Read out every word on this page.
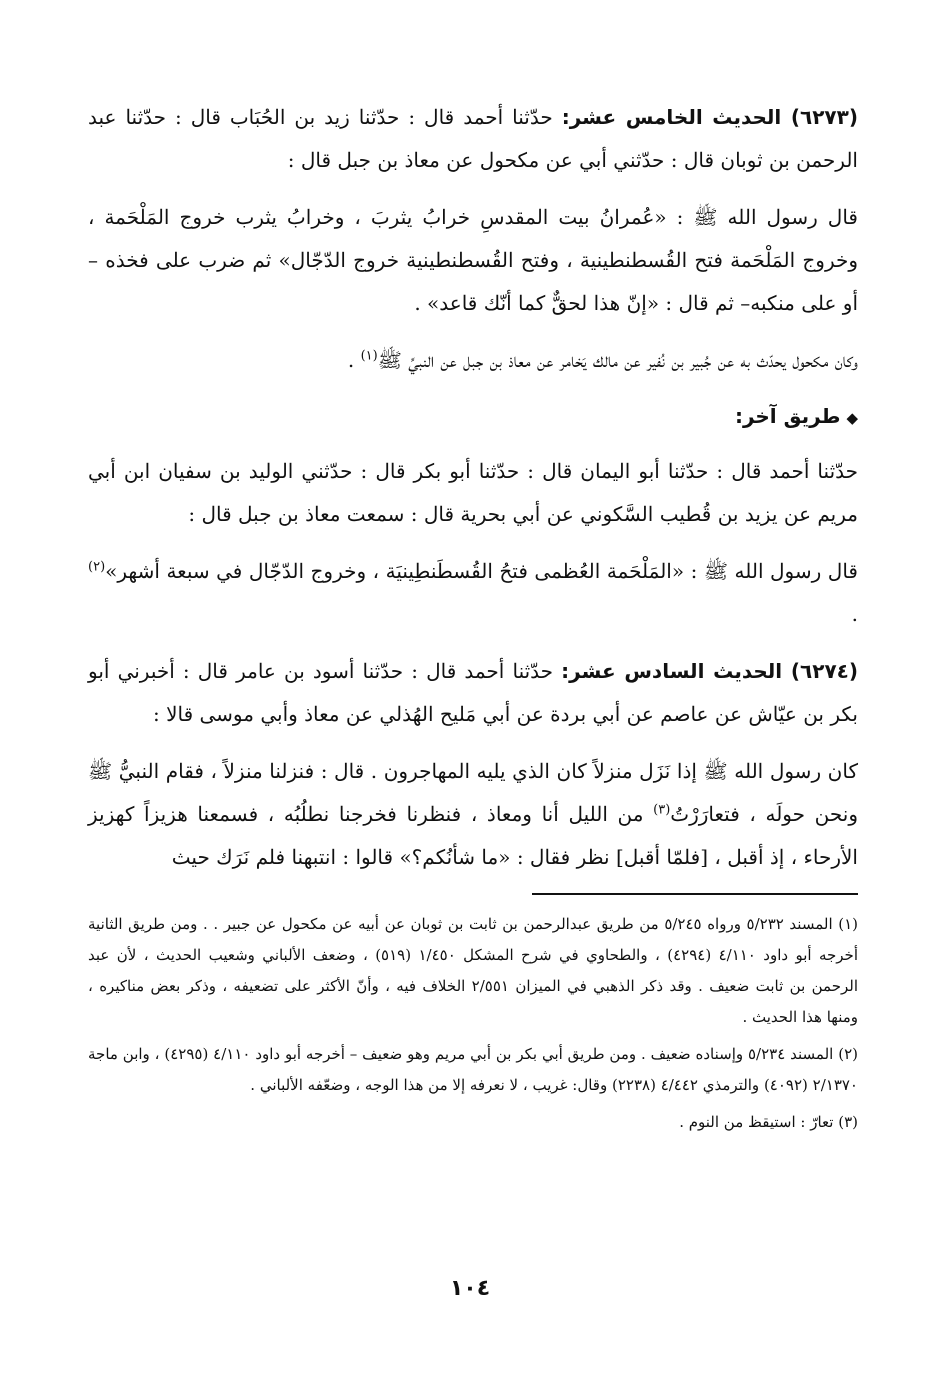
(٦٢٧٣) الحديث الخامس عشر: حدّثنا أحمد قال : حدّثنا زيد بن الحُبَاب قال : حدّثنا عبد الرحمن بن ثوبان قال : حدّثني أبي عن مكحول عن معاذ بن جبل قال :

قال رسول الله ﷺ : «عُمرانُ بيت المقدسِ خرابُ يثربَ ، وخرابُ يثرب خروج المَلْحَمة ، وخروج المَلْحَمة فتح القُسطنطينية ، وفتح القُسطنطينية خروج الدّجّال» ثم ضرب على فخذه – أو على منكبه– ثم قال : «إنّ هذا لحقٌّ كما أنّك قاعد» .

وكان مكحول يحدّث به عن جُبير بن نُفير عن مالك يَخامر عن معاذ بن جبل عن النبيِّ ﷺ$^{(١)}$ .

◆طريق آخر:

حدّثنا أحمد قال : حدّثنا أبو اليمان قال : حدّثنا أبو بكر قال : حدّثني الوليد بن سفيان ابن أبي مريم عن يزيد بن قُطيب السَّكوني عن أبي بحرية قال : سمعت معاذ بن جبل قال :

قال رسول الله ﷺ : «المَلْحَمة العُظمى فتحُ القُسطَنطِينيَة ، وخروج الدّجّال في سبعة أشهر»$^{(٢)}$ .

(٦٢٧٤) الحديث السادس عشر: حدّثنا أحمد قال : حدّثنا أسود بن عامر قال : أخبرني أبو بكر بن عيّاش عن عاصم عن أبي بردة عن أبي مَليح الهُذلي عن معاذ وأبي موسى قالا :

كان رسول الله ﷺ إذا نَزَل منزلاً كان الذي يليه المهاجرون . قال : فنزلنا منزلاً ، فقام النبيُّ ﷺ ونحن حولَه ، فتعارَرْتُ$^{(٣)}$ من الليل أنا ومعاذ ، فنظرنا فخرجنا نطلُبُه ، فسمعنا هزيزاً كهزيز الأرحاء ، إذ أقبل ، [فلمّا أقبل] نظر فقال : «ما شأنُكم؟» قالوا : انتبهنا فلم نَرَك حيث

(١) المسند ٥/٢٣٢ ورواه ٥/٢٤٥ من طريق عبدالرحمن بن ثابت بن ثوبان عن أبيه عن مكحول عن جبير . . ومن طريق الثانية أخرجه أبو داود ٤/١١٠ (٤٢٩٤) ، والطحاوي في شرح المشكل ١/٤٥٠ (٥١٩) ، وضعف الألباني وشعيب الحديث ، لأن عبد الرحمن بن ثابت ضعيف . وقد ذكر الذهبي في الميزان ٢/٥٥١ الخلاف فيه ، وأنّ الأكثر على تضعيفه ، وذكر بعض مناكيره ، ومنها هذا الحديث .

(٢) المسند ٥/٢٣٤ وإسناده ضعيف . ومن طريق أبي بكر بن أبي مريم وهو ضعيف – أخرجه أبو داود ٤/١١٠ (٤٢٩٥) ، وابن ماجة ٢/١٣٧٠ (٤٠٩٢) والترمذي ٤/٤٤٢ (٢٢٣٨) وقال: غريب ، لا نعرفه إلا من هذا الوجه ، وضعّفه الألباني .

(٣) تعارّ : استيقظ من النوم .

١٠٤
